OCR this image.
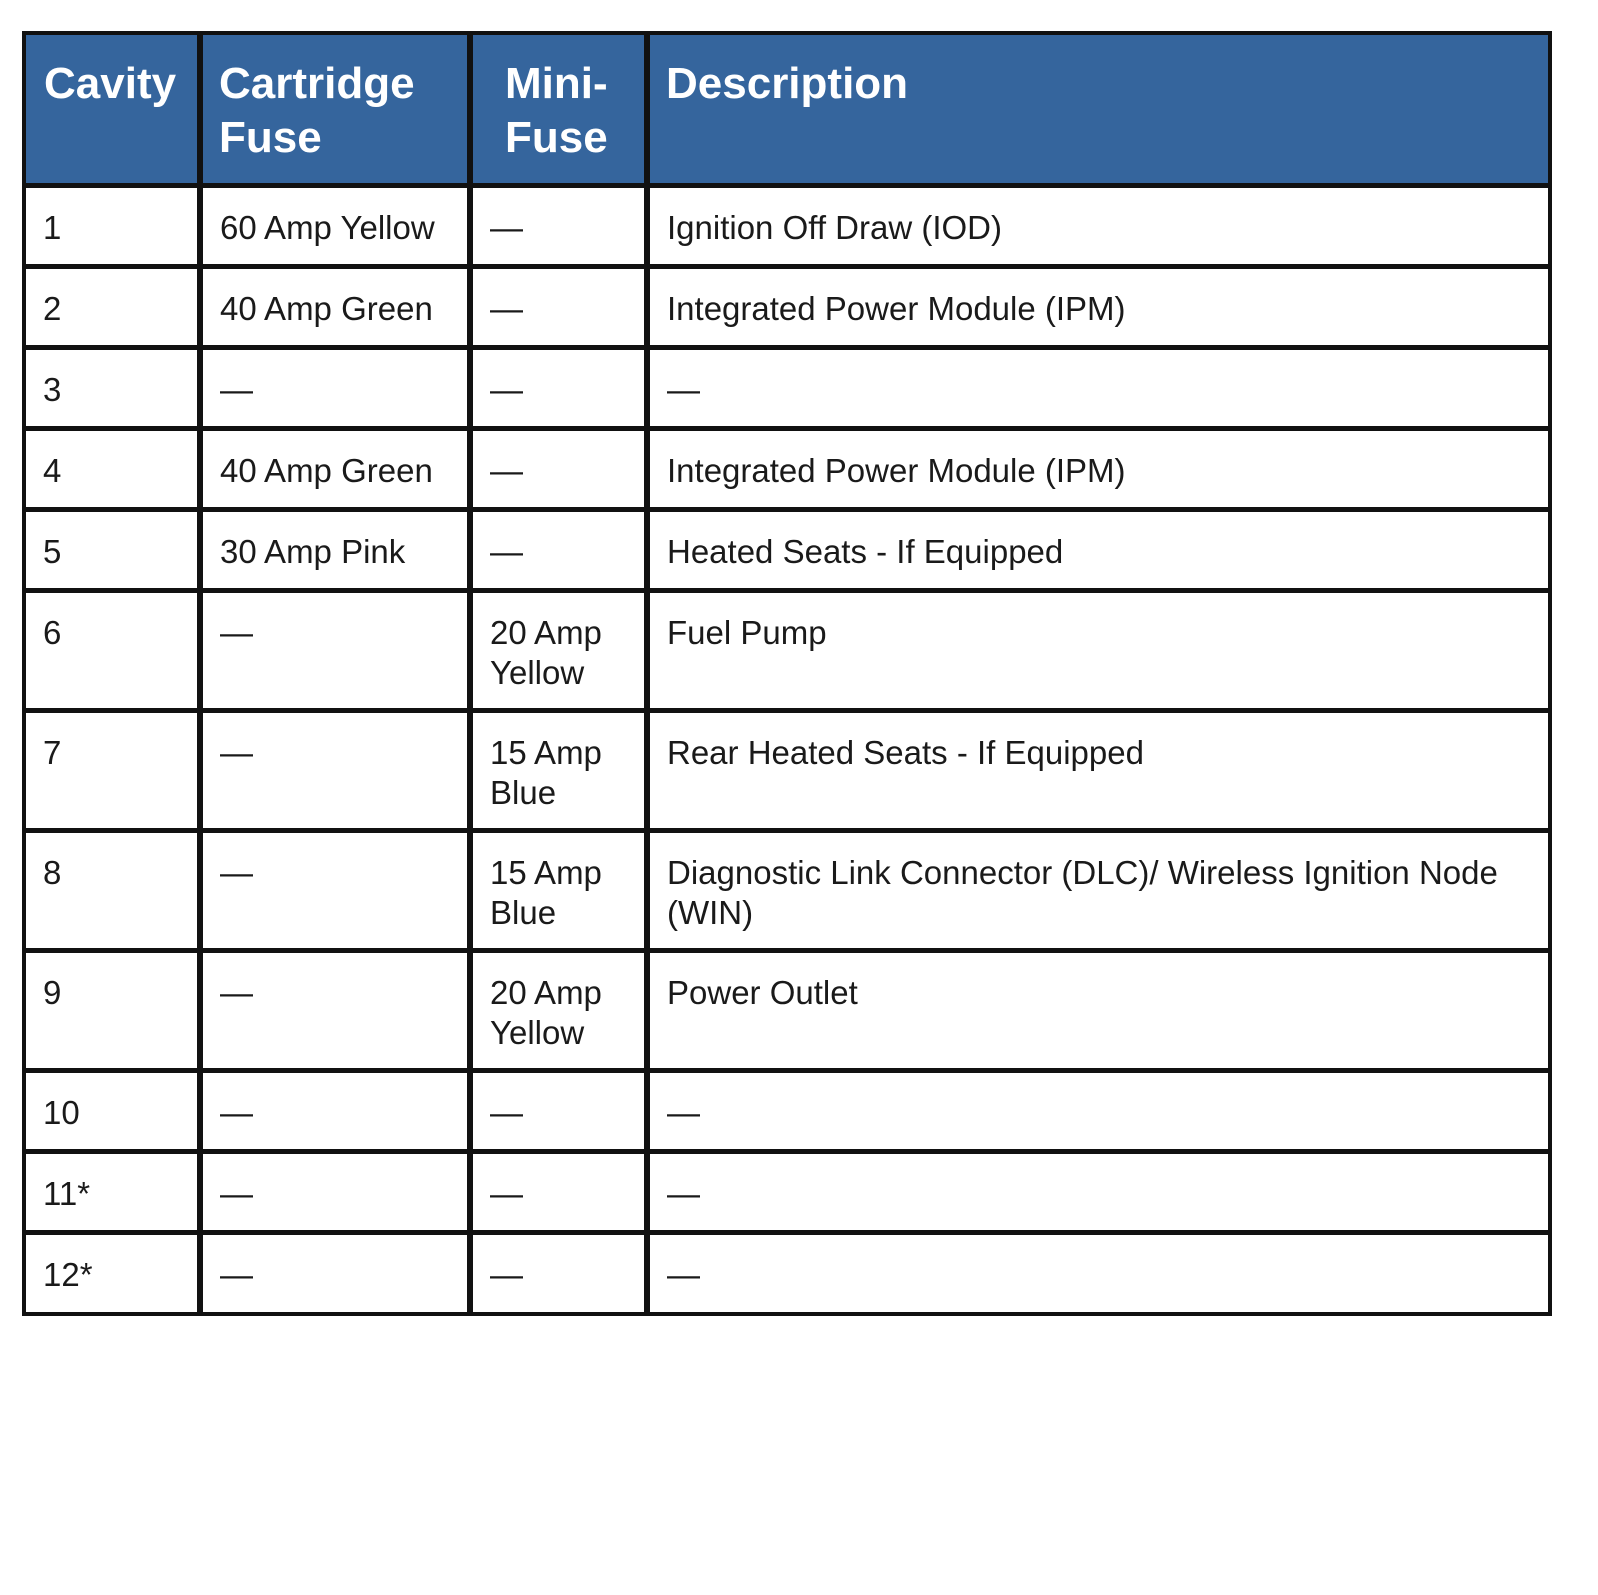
Cavity	Cartridge Fuse	Mini-Fuse	Description
1	60 Amp Yellow	—	Ignition Off Draw (IOD)
2	40 Amp Green	—	Integrated Power Module (IPM)
3	—	—	—
4	40 Amp Green	—	Integrated Power Module (IPM)
5	30 Amp Pink	—	Heated Seats - If Equipped
6	—	20 Amp Yellow	Fuel Pump
7	—	15 Amp Blue	Rear Heated Seats - If Equipped
8	—	15 Amp Blue	Diagnostic Link Connector (DLC)/ Wireless Ignition Node (WIN)
9	—	20 Amp Yellow	Power Outlet
10	—	—	—
11*	—	—	—
12*	—	—	—
